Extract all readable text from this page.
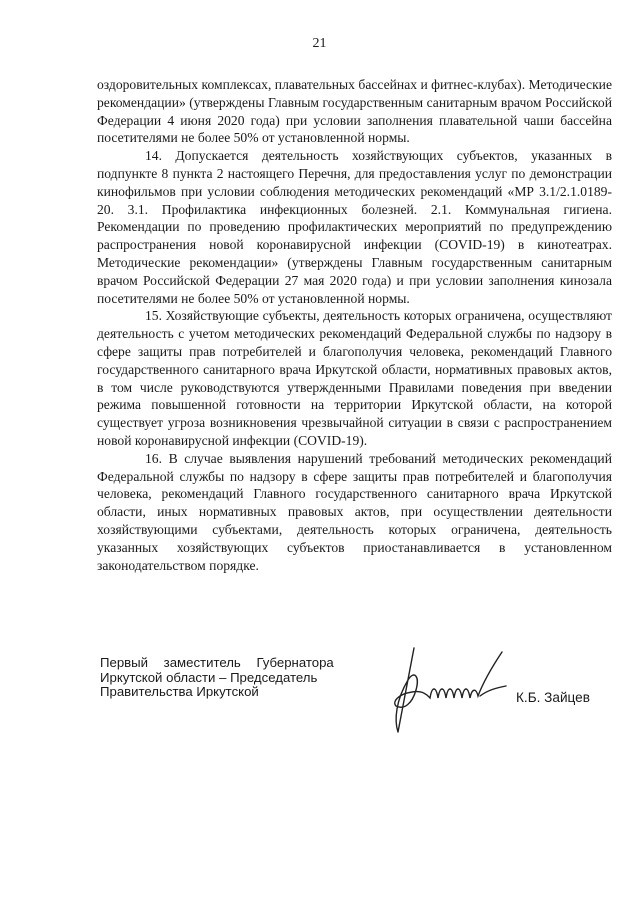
21

оздоровительных комплексах, плавательных бассейнах и фитнес-клубах). Методические рекомендации» (утверждены Главным государственным санитарным врачом Российской Федерации 4 июня 2020 года) при условии заполнения плавательной чаши бассейна посетителями не более 50% от установленной нормы.

14. Допускается деятельность хозяйствующих субъектов, указанных в подпункте 8 пункта 2 настоящего Перечня, для предоставления услуг по демонстрации кинофильмов при условии соблюдения методических рекомендаций «МР 3.1/2.1.0189-20. 3.1. Профилактика инфекционных болезней. 2.1. Коммунальная гигиена. Рекомендации по проведению профилактических мероприятий по предупреждению распространения новой коронавирусной инфекции (COVID-19) в кинотеатрах. Методические рекомендации» (утверждены Главным государственным санитарным врачом Российской Федерации 27 мая 2020 года) и при условии заполнения кинозала посетителями не более 50% от установленной нормы.

15. Хозяйствующие субъекты, деятельность которых ограничена, осуществляют деятельность с учетом методических рекомендаций Федеральной службы по надзору в сфере защиты прав потребителей и благополучия человека, рекомендаций Главного государственного санитарного врача Иркутской области, нормативных правовых актов, в том числе руководствуются утвержденными Правилами поведения при введении режима повышенной готовности на территории Иркутской области, на которой существует угроза возникновения чрезвычайной ситуации в связи с распространением новой коронавирусной инфекции (COVID-19).

16. В случае выявления нарушений требований методических рекомендаций Федеральной службы по надзору в сфере защиты прав потребителей и благополучия человека, рекомендаций Главного государственного санитарного врача Иркутской области, иных нормативных правовых актов, при осуществлении деятельности хозяйствующими субъектами, деятельность которых ограничена, деятельность указанных хозяйствующих субъектов приостанавливается в установленном законодательством порядке.

Первый заместитель Губернатора
Иркутской области – Председатель
Правительства Иркутской	К.Б. Зайцев
